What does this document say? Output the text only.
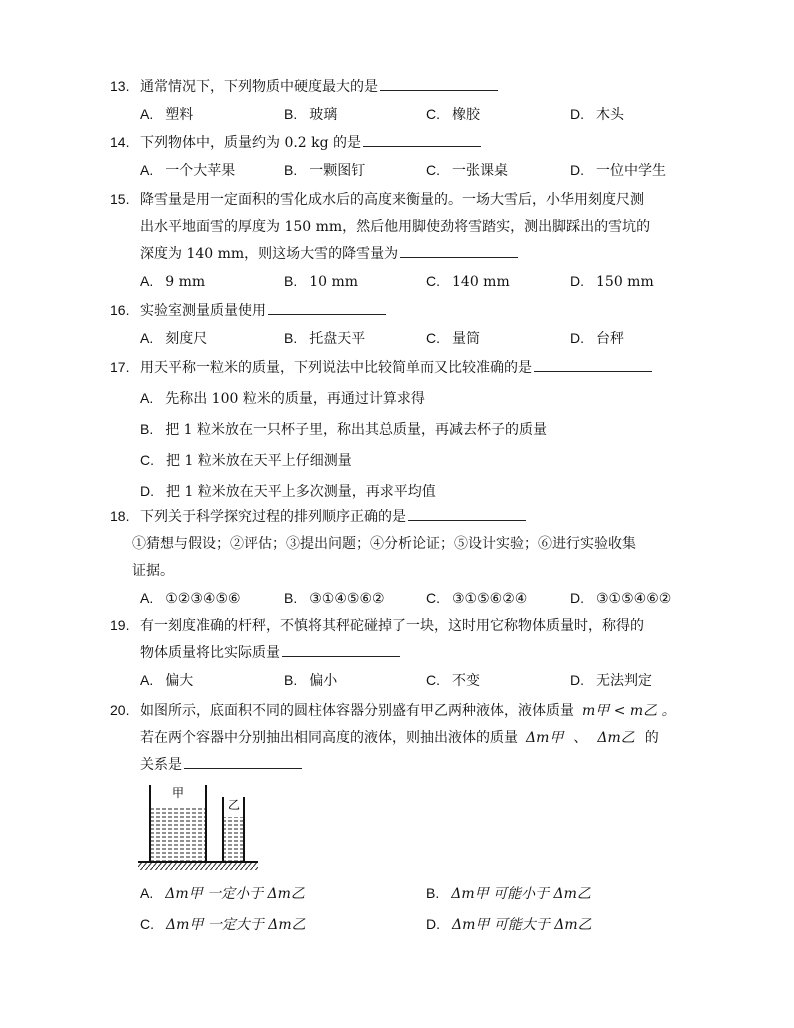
13. 通常情况下，下列物质中硬度最大的是
A. 塑料	B. 玻璃	C. 橡胶	D. 木头
14. 下列物体中，质量约为 0.2 kg 的是
A. 一个大苹果	B. 一颗图钉	C. 一张课桌	D. 一位中学生
15. 降雪量是用一定面积的雪化成水后的高度来衡量的。一场大雪后，小华用刻度尺测
出水平地面雪的厚度为 150 mm，然后他用脚使劲将雪踏实，测出脚踩出的雪坑的
深度为 140 mm，则这场大雪的降雪量为
A. 9 mm	B. 10 mm	C. 140 mm	D. 150 mm
16. 实验室测量质量使用
A. 刻度尺	B. 托盘天平	C. 量筒	D. 台秤
17. 用天平称一粒米的质量，下列说法中比较简单而又比较准确的是
A. 先称出 100 粒米的质量，再通过计算求得
B. 把 1 粒米放在一只杯子里，称出其总质量，再减去杯子的质量
C. 把 1 粒米放在天平上仔细测量
D. 把 1 粒米放在天平上多次测量，再求平均值
18. 下列关于科学探究过程的排列顺序正确的是
①猜想与假设；②评估；③提出问题；④分析论证；⑤设计实验；⑥进行实验收集
证据。
A. ①②③④⑤⑥	B. ③①④⑤⑥②	C. ③①⑤⑥②④	D. ③①⑤④⑥②
19. 有一刻度准确的杆秤，不慎将其秤砣碰掉了一块，这时用它称物体质量时，称得的
物体质量将比实际质量
A. 偏大	B. 偏小	C. 不变	D. 无法判定
20. 如图所示，底面积不同的圆柱体容器分别盛有甲乙两种液体，液体质量 m甲 < m乙 。
若在两个容器中分别抽出相同高度的液体，则抽出液体的质量 Δm甲 、 Δm乙 的
关系是
甲
乙
A. Δm甲 一定小于 Δm乙	B. Δm甲 可能小于 Δm乙
C. Δm甲 一定大于 Δm乙	D. Δm甲 可能大于 Δm乙
